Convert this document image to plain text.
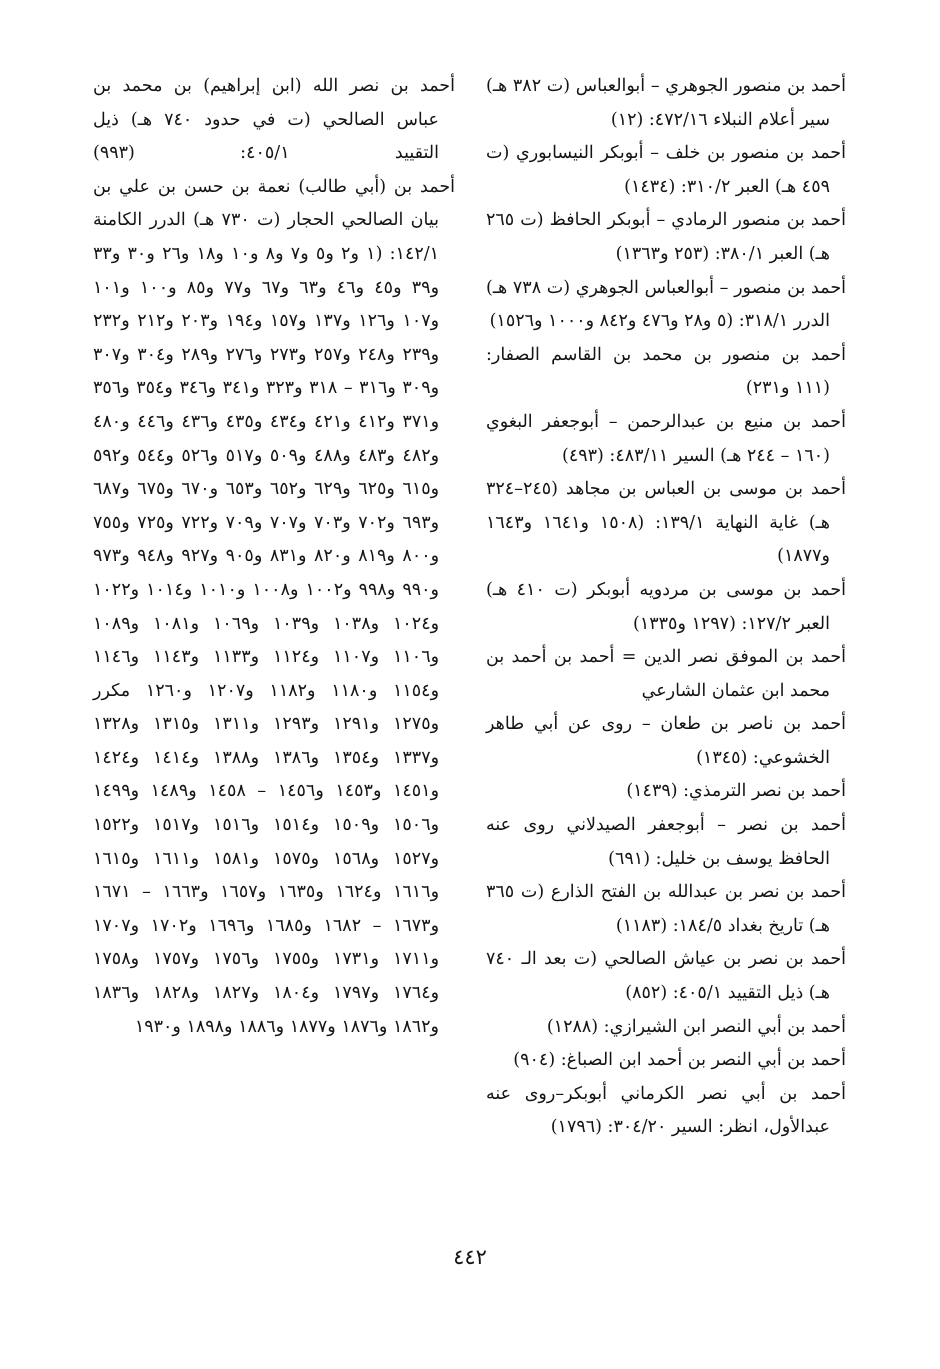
أحمد بن منصور الجوهري – أبوالعباس (ت ٣٨٢ هـ) سير أعلام النبلاء ٤٧٢/١٦: (١٢)

أحمد بن منصور بن خلف – أبوبكر النيسابوري (ت ٤٥٩ هـ) العبر ٣١٠/٢: (١٤٣٤)

أحمد بن منصور الرمادي – أبوبكر الحافظ (ت ٢٦٥ هـ) العبر ٣٨٠/١: (٢٥٣ و١٣٦٣)

أحمد بن منصور – أبوالعباس الجوهري (ت ٧٣٨ هـ) الدرر ٣١٨/١: (٥ و٢٨ و٤٧٦ و٨٤٢ و١٠٠٠ و١٥٢٦)

أحمد بن منصور بن محمد بن القاسم الصفار: (١١١ و٢٣١)

أحمد بن منيع بن عبدالرحمن – أبوجعفر البغوي (١٦٠ – ٢٤٤ هـ) السير ٤٨٣/١١: (٤٩٣)

أحمد بن موسى بن العباس بن مجاهد (٢٤٥–٣٢٤ هـ) غاية النهاية ١٣٩/١: (١٥٠٨ و١٦٤١ و١٦٤٣ و١٨٧٧)

أحمد بن موسى بن مردويه أبوبكر (ت ٤١٠ هـ) العبر ١٢٧/٢: (١٢٩٧ و١٣٣٥)

أحمد بن الموفق نصر الدين = أحمد بن أحمد بن محمد ابن عثمان الشارعي

أحمد بن ناصر بن طعان – روى عن أبي طاهر الخشوعي: (١٣٤٥)

أحمد بن نصر الترمذي: (١٤٣٩)

أحمد بن نصر – أبوجعفر الصيدلاني روى عنه الحافظ يوسف بن خليل: (٦٩١)

أحمد بن نصر بن عبدالله بن الفتح الذارع (ت ٣٦٥ هـ) تاريخ بغداد ١٨٤/٥: (١١٨٣)

أحمد بن نصر بن عياش الصالحي (ت بعد الـ ٧٤٠ هـ) ذيل التقييد ٤٠٥/١: (٨٥٢)

أحمد بن أبي النصر ابن الشيرازي: (١٢٨٨)

أحمد بن أبي النصر بن أحمد ابن الصباغ: (٩٠٤)

أحمد بن أبي نصر الكرماني أبوبكر–روى عنه عبدالأول، انظر: السير ٣٠٤/٢٠: (١٧٩٦)

أحمد بن نصر الله (ابن إبراهيم) بن محمد بن عباس الصالحي (ت في حدود ٧٤٠ هـ) ذيل التقييد ٤٠٥/١: (٩٩٣)

أحمد بن (أبي طالب) نعمة بن حسن بن علي بن بيان الصالحي الحجار (ت ٧٣٠ هـ) الدرر الكامنة ١٤٢/١: (١ و٢ و٥ و٧ و٨ و١٠ و١٨ و٢٦ و٣٠ و٣٣ و٣٩ و٤٥ و٤٦ و٦٣ و٦٧ و٧٧ و٨٥ و١٠٠ و١٠١ و١٠٧ و١٢٦ و١٣٧ و١٥٧ و١٩٤ و٢٠٣ و٢١٢ و٢٣٢ و٢٣٩ و٢٤٨ و٢٥٧ و٢٧٣ و٢٧٦ و٢٨٩ و٣٠٤ و٣٠٧ و٣٠٩ و٣١٦ – ٣١٨ و٣٢٣ و٣٤١ و٣٤٦ و٣٥٤ و٣٥٦ و٣٧١ و٤١٢ و٤٢١ و٤٣٤ و٤٣٥ و٤٣٦ و٤٤٦ و٤٨٠ و٤٨٢ و٤٨٣ و٤٨٨ و٥٠٩ و٥١٧ و٥٢٦ و٥٤٤ و٥٩٢ و٦١٥ و٦٢٥ و٦٢٩ و٦٥٢ و٦٥٣ و٦٧٠ و٦٧٥ و٦٨٧ و٦٩٣ و٧٠٢ و٧٠٣ و٧٠٧ و٧٠٩ و٧٢٢ و٧٢٥ و٧٥٥ و٨٠٠ و٨١٩ و٨٢٠ و٨٣١ و٩٠٥ و٩٢٧ و٩٤٨ و٩٧٣ و٩٩٠ و٩٩٨ و١٠٠٢ و١٠٠٨ و١٠١٠ و١٠١٤ و١٠٢٢ و١٠٢٤ و١٠٣٨ و١٠٣٩ و١٠٦٩ و١٠٨١ و١٠٨٩ و١١٠٦ و١١٠٧ و١١٢٤ و١١٣٣ و١١٤٣ و١١٤٦ و١١٥٤ و١١٨٠ و١١٨٢ و١٢٠٧ و١٢٦٠ مكرر و١٢٧٥ و١٢٩١ و١٢٩٣ و١٣١١ و١٣١٥ و١٣٢٨ و١٣٣٧ و١٣٥٤ و١٣٨٦ و١٣٨٨ و١٤١٤ و١٤٢٤ و١٤٥١ و١٤٥٣ و١٤٥٦ – ١٤٥٨ و١٤٨٩ و١٤٩٩ و١٥٠٦ و١٥٠٩ و١٥١٤ و١٥١٦ و١٥١٧ و١٥٢٢ و١٥٢٧ و١٥٦٨ و١٥٧٥ و١٥٨١ و١٦١١ و١٦١٥ و١٦١٦ و١٦٢٤ و١٦٣٥ و١٦٥٧ و١٦٦٣ – ١٦٧١ و١٦٧٣ – ١٦٨٢ و١٦٨٥ و١٦٩٦ و١٧٠٢ و١٧٠٧ و١٧١١ و١٧٣١ و١٧٥٥ و١٧٥٦ و١٧٥٧ و١٧٥٨ و١٧٦٤ و١٧٩٧ و١٨٠٤ و١٨٢٧ و١٨٢٨ و١٨٣٦ و١٨٦٢ و١٨٧٦ و١٨٧٧ و١٨٨٦ و١٨٩٨ و١٩٣٠

٤٤٢
